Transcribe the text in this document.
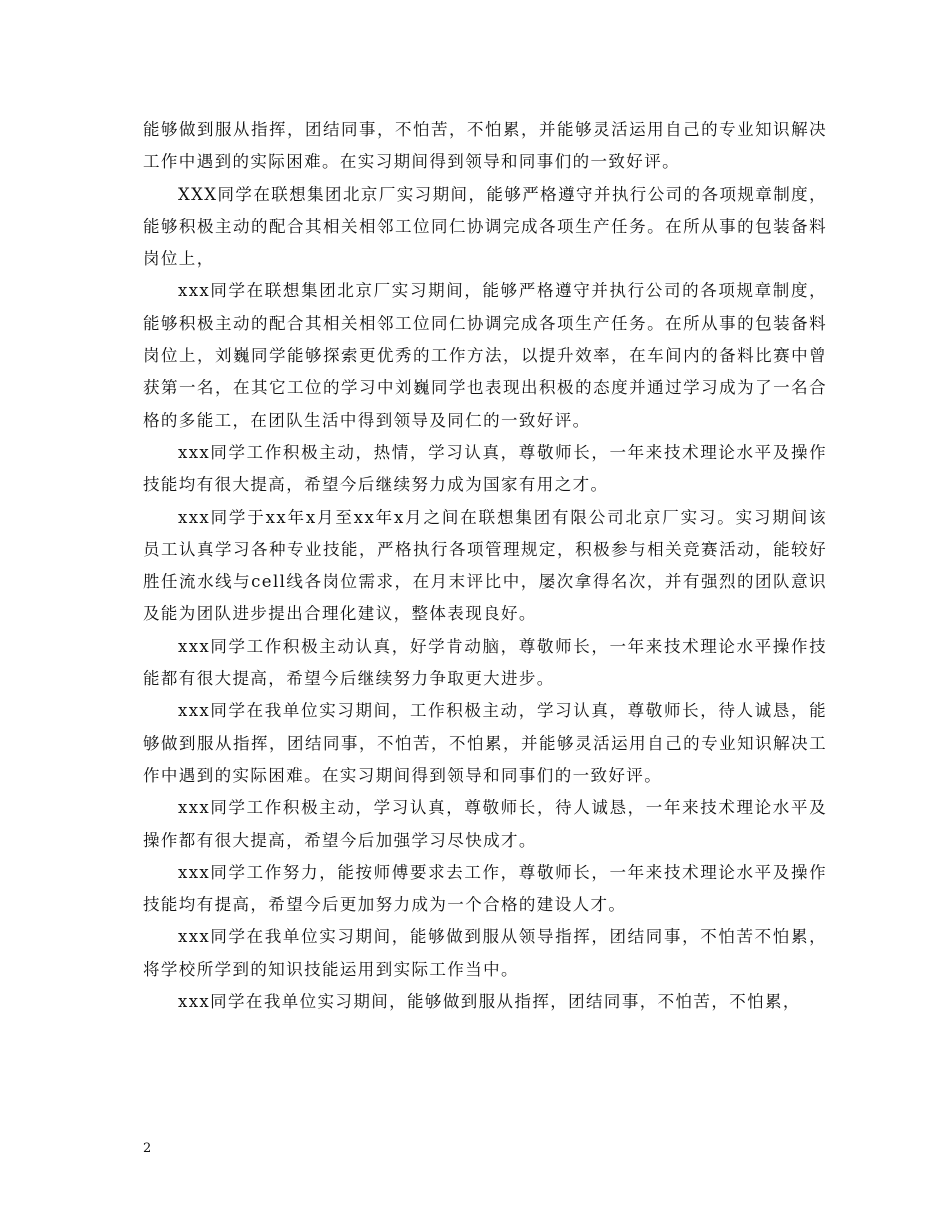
能够做到服从指挥，团结同事，不怕苦，不怕累，并能够灵活运用自己的专业知识解决工作中遇到的实际困难。在实习期间得到领导和同事们的一致好评。

XXX同学在联想集团北京厂实习期间，能够严格遵守并执行公司的各项规章制度，能够积极主动的配合其相关相邻工位同仁协调完成各项生产任务。在所从事的包装备料岗位上，

xxx同学在联想集团北京厂实习期间，能够严格遵守并执行公司的各项规章制度，能够积极主动的配合其相关相邻工位同仁协调完成各项生产任务。在所从事的包装备料岗位上，刘巍同学能够探索更优秀的工作方法，以提升效率，在车间内的备料比赛中曾获第一名，在其它工位的学习中刘巍同学也表现出积极的态度并通过学习成为了一名合格的多能工，在团队生活中得到领导及同仁的一致好评。

xxx同学工作积极主动，热情，学习认真，尊敬师长，一年来技术理论水平及操作技能均有很大提高，希望今后继续努力成为国家有用之才。

xxx同学于xx年x月至xx年x月之间在联想集团有限公司北京厂实习。实习期间该员工认真学习各种专业技能，严格执行各项管理规定，积极参与相关竞赛活动，能较好胜任流水线与cell线各岗位需求，在月末评比中，屡次拿得名次，并有强烈的团队意识及能为团队进步提出合理化建议，整体表现良好。

xxx同学工作积极主动认真，好学肯动脑，尊敬师长，一年来技术理论水平操作技能都有很大提高，希望今后继续努力争取更大进步。

xxx同学在我单位实习期间，工作积极主动，学习认真，尊敬师长，待人诚恳，能够做到服从指挥，团结同事，不怕苦，不怕累，并能够灵活运用自己的专业知识解决工作中遇到的实际困难。在实习期间得到领导和同事们的一致好评。

xxx同学工作积极主动，学习认真，尊敬师长，待人诚恳，一年来技术理论水平及操作都有很大提高，希望今后加强学习尽快成才。

xxx同学工作努力，能按师傅要求去工作，尊敬师长，一年来技术理论水平及操作技能均有提高，希望今后更加努力成为一个合格的建设人才。

xxx同学在我单位实习期间，能够做到服从领导指挥，团结同事，不怕苦不怕累，将学校所学到的知识技能运用到实际工作当中。

xxx同学在我单位实习期间，能够做到服从指挥，团结同事，不怕苦，不怕累，

2
